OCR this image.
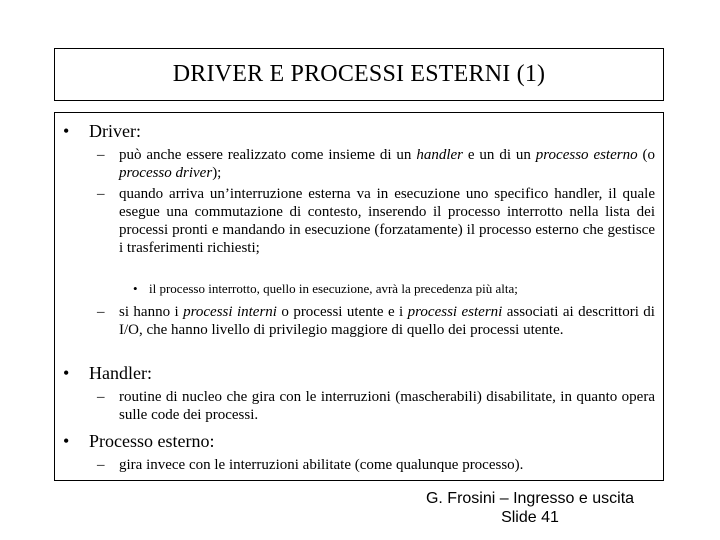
DRIVER E PROCESSI ESTERNI (1)
• Driver:
– può anche essere realizzato come insieme di un handler e un di un processo esterno (o processo driver);
– quando arriva un’interruzione esterna va in esecuzione uno specifico handler, il quale esegue una commutazione di contesto, inserendo il processo interrotto nella lista dei processi pronti e mandando in esecuzione (forzatamente) il processo esterno che gestisce i trasferimenti richiesti;
• il processo interrotto, quello in esecuzione, avrà la precedenza più alta;
– si hanno i processi interni o processi utente e i processi esterni associati ai descrittori di I/O, che hanno livello di privilegio maggiore di quello dei processi utente.
• Handler:
– routine di nucleo che gira con le interruzioni (mascherabili) disabilitate, in quanto opera sulle code dei processi.
• Processo esterno:
– gira invece con le interruzioni abilitate (come qualunque processo).
G. Frosini – Ingresso e uscita
Slide 41
